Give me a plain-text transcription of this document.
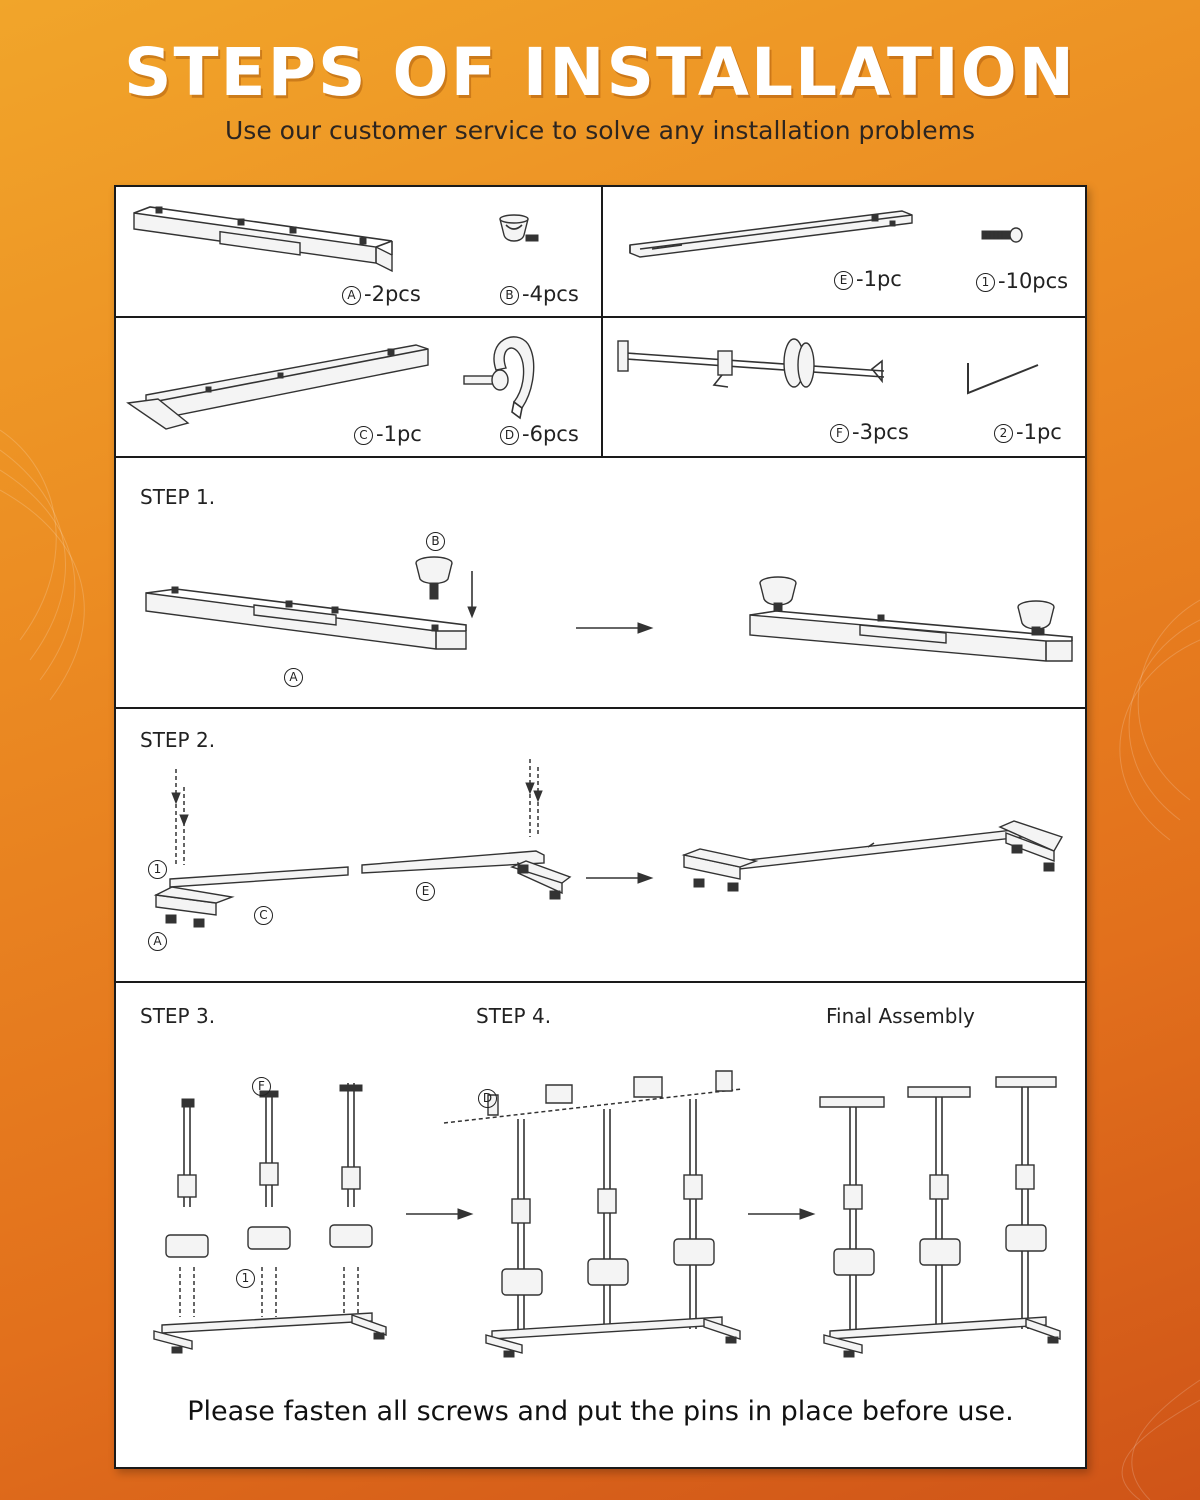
STEPS OF INSTALLATION
Use our customer service to solve any installation problems
A -2pcs	B -4pcs
E -1pc	1 -10pcs
C -1pc	D -6pcs	F -3pcs	2 -1pc
STEP 1.
B
A
STEP 2.
1
C
E
A
STEP 3.	STEP 4.	Final Assembly
F
1
D
Please fasten all screws and put the pins in place before use.
